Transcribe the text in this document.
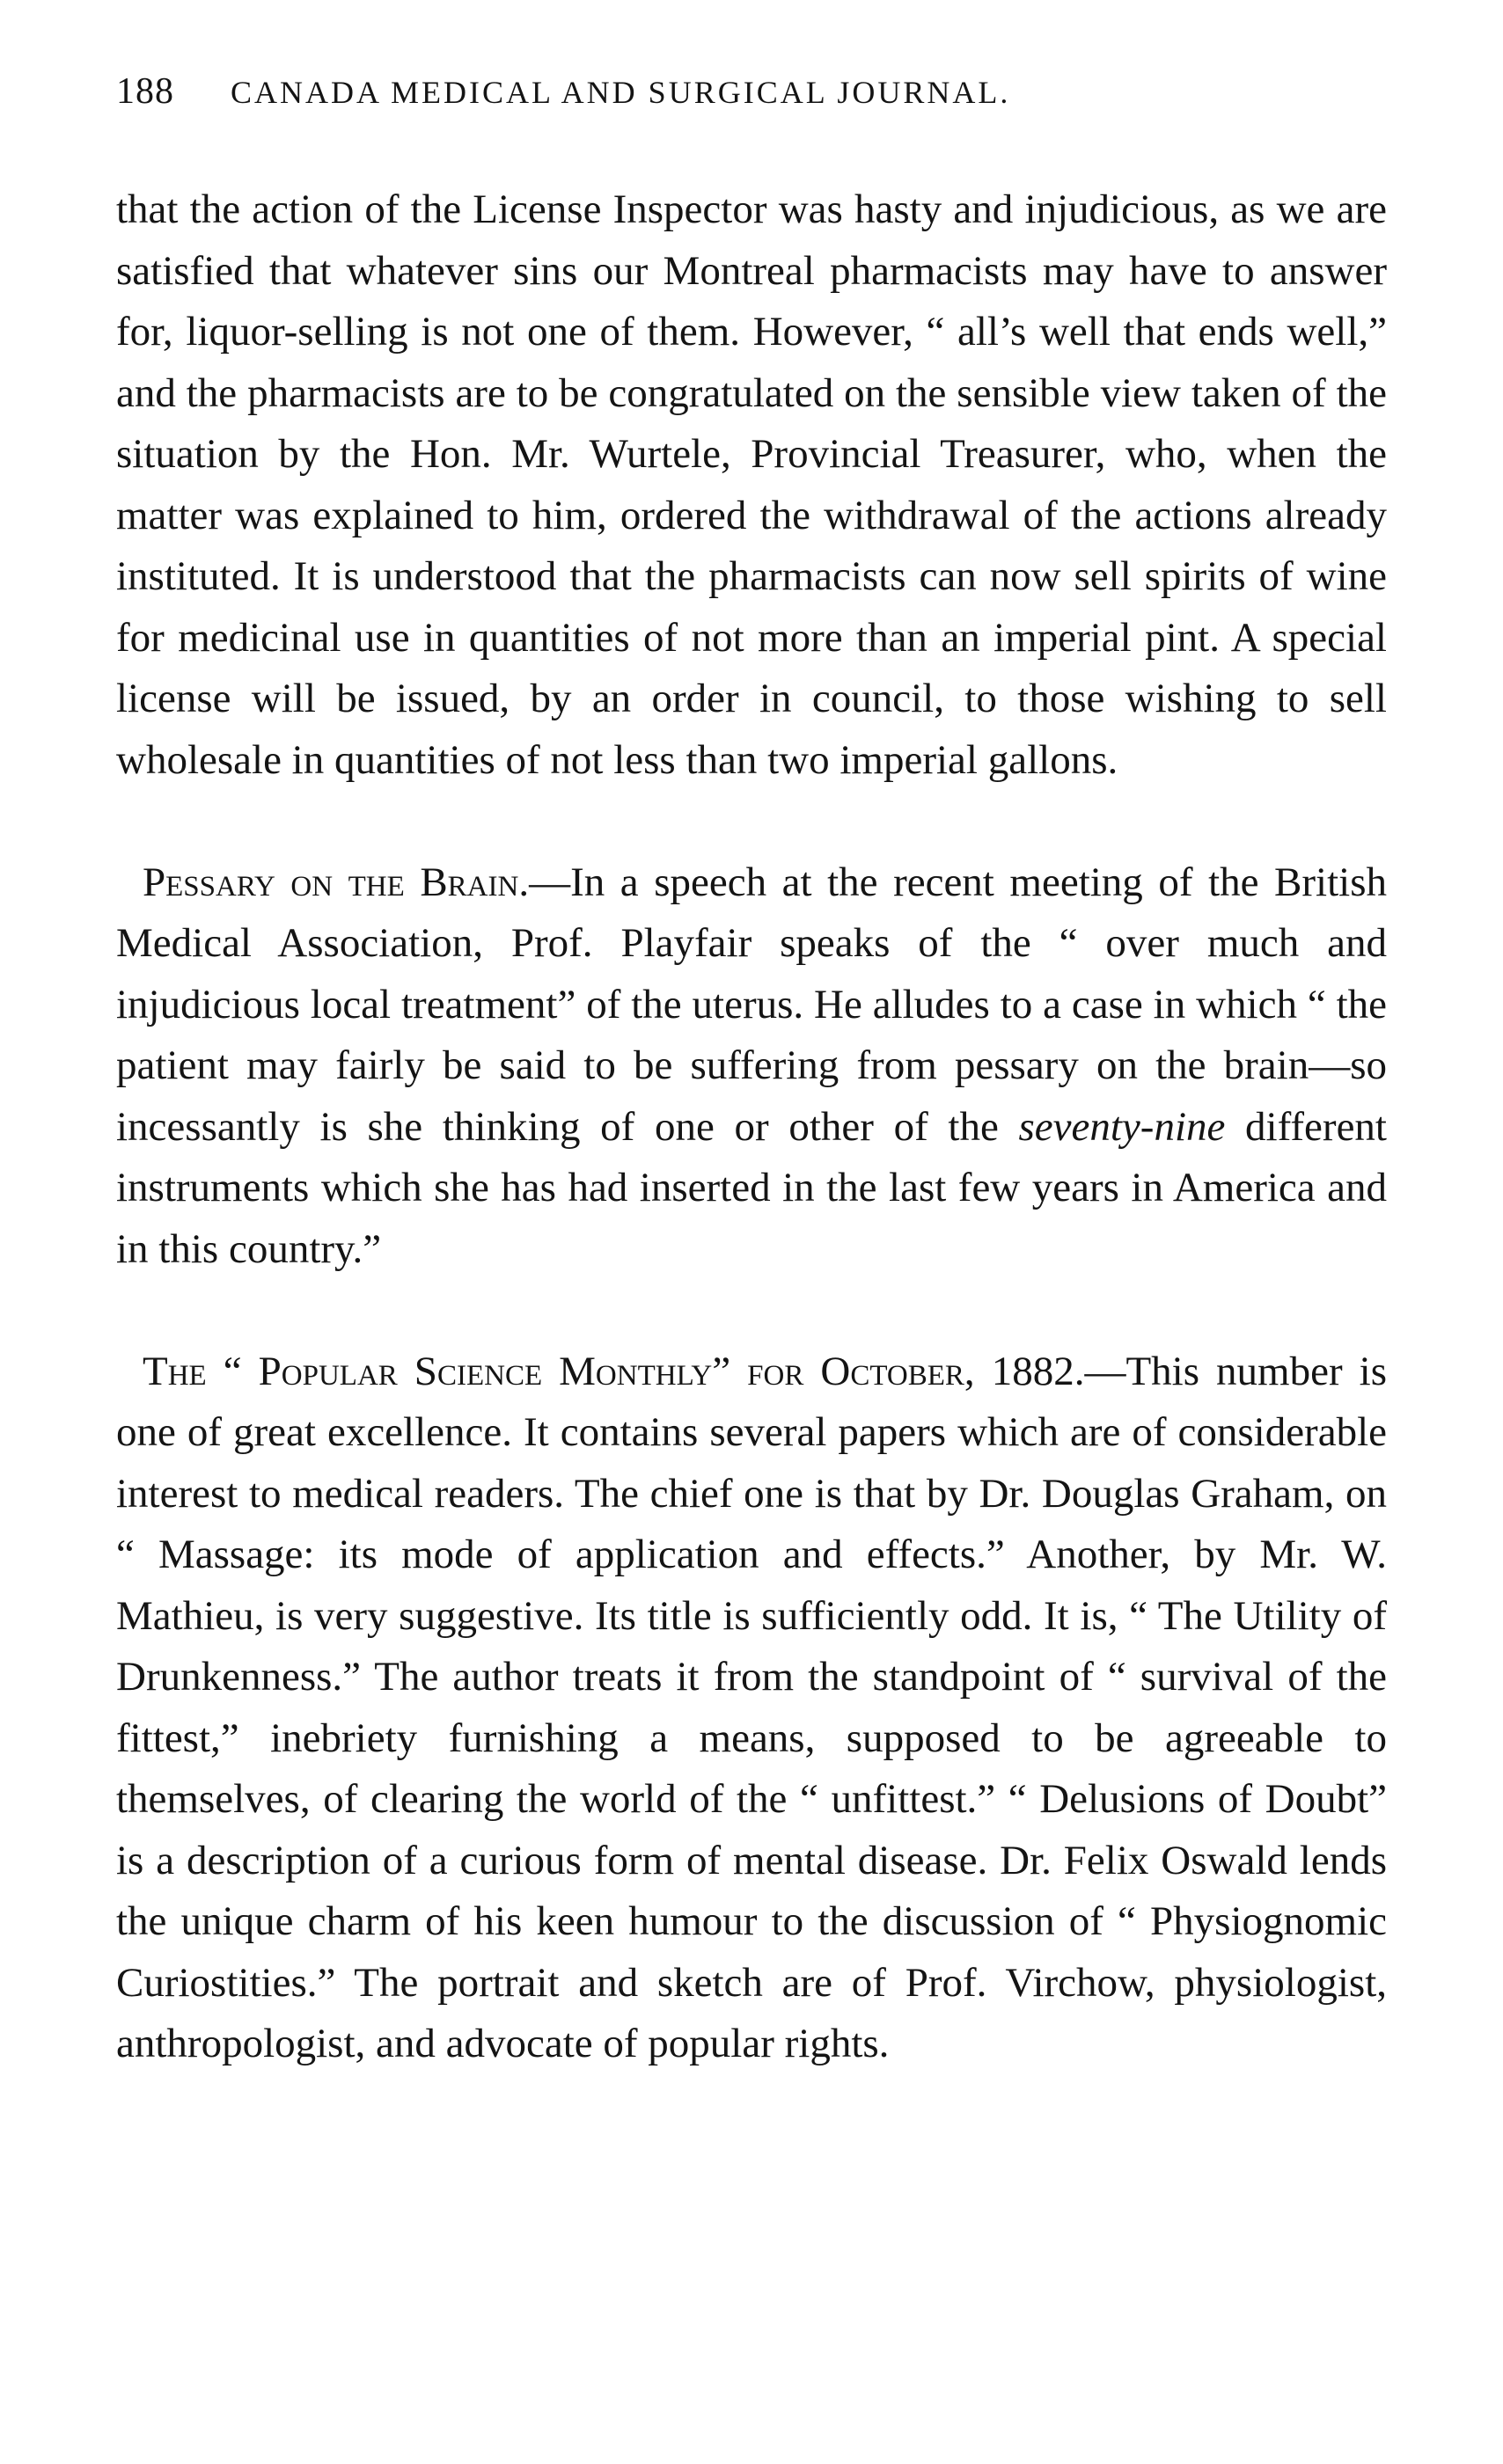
188 CANADA MEDICAL AND SURGICAL JOURNAL.

that the action of the License Inspector was hasty and injudicious, as we are satisfied that whatever sins our Montreal pharmacists may have to answer for, liquor-selling is not one of them. However, “ all’s well that ends well,” and the pharmacists are to be congratulated on the sensible view taken of the situation by the Hon. Mr. Wurtele, Provincial Treasurer, who, when the matter was explained to him, ordered the withdrawal of the actions already instituted. It is understood that the pharmacists can now sell spirits of wine for medicinal use in quantities of not more than an imperial pint. A special license will be issued, by an order in council, to those wishing to sell wholesale in quantities of not less than two imperial gallons.

Pessary on the Brain.—In a speech at the recent meeting of the British Medical Association, Prof. Playfair speaks of the “ over much and injudicious local treatment” of the uterus. He alludes to a case in which “ the patient may fairly be said to be suffering from pessary on the brain—so incessantly is she thinking of one or other of the seventy-nine different instruments which she has had inserted in the last few years in America and in this country.”

The “ Popular Science Monthly” for October, 1882.—This number is one of great excellence. It contains several papers which are of considerable interest to medical readers. The chief one is that by Dr. Douglas Graham, on “ Massage: its mode of application and effects.” Another, by Mr. W. Mathieu, is very suggestive. Its title is sufficiently odd. It is, “ The Utility of Drunkenness.” The author treats it from the standpoint of “ survival of the fittest,” inebriety furnishing a means, supposed to be agreeable to themselves, of clearing the world of the “ unfittest.” “ Delusions of Doubt” is a description of a curious form of mental disease. Dr. Felix Oswald lends the unique charm of his keen humour to the discussion of “ Physiognomic Curiostities.” The portrait and sketch are of Prof. Virchow, physiologist, anthropologist, and advocate of popular rights.
